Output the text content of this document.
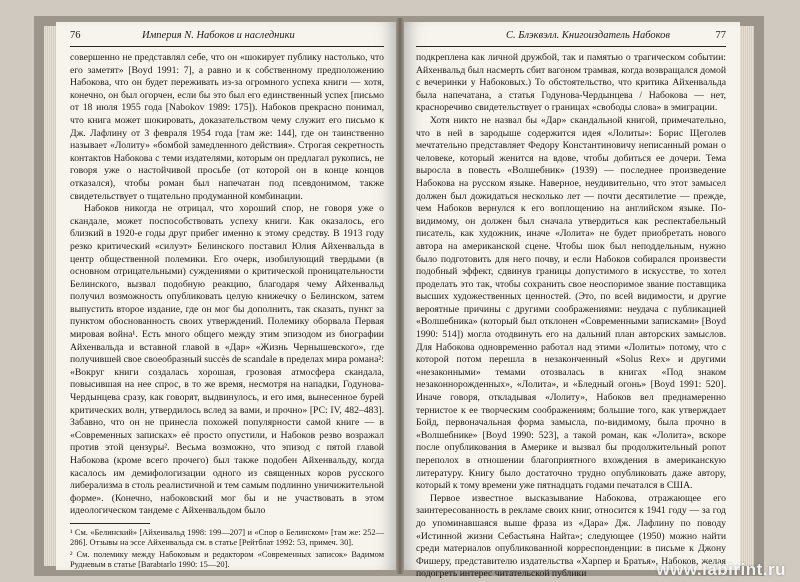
76	Империя N. Набоков и наследники

совершенно не представлял себе, что он «шокирует публику настолько, что его заметят» [Boyd 1991: 7], а равно и к собственному предположению Набокова, что он будет переживать из-за огромного успеха книги — хотя, конечно, он был огорчен, если бы это был его единственный успех [письмо от 18 июля 1955 года [Nabokov 1989: 175]). Набоков прекрасно понимал, что книга может шокировать, доказательством чему служит его письмо к Дж. Лафлину от 3 февраля 1954 года [там же: 144], где он таинственно называет «Лолиту» «бомбой замедленного действия». Строгая секретность контактов Набокова с теми издателями, которым он предлагал рукопись, не говоря уже о настойчивой просьбе (от которой он в конце концов отказался), чтобы роман был напечатан под псевдонимом, также свидетельствует о тщательно продуманной комбинации.

Набоков никогда не отрицал, что хороший спор, не говоря уже о скандале, может поспособствовать успеху книги. Как оказалось, его близкий в 1920-е годы друг прибег именно к этому средству. В 1913 году резко критический «силуэт» Белинского поставил Юлия Айхенвальда в центр общественной полемики. Его очерк, изобилующий твердыми (в основном отрицательными) суждениями о критической проницательности Белинского, вызвал подобную реакцию, благодаря чему Айхенвальд получил возможность опубликовать целую книжечку о Белинском, затем выпустить второе издание, где он мог бы дополнить, так сказать, пункт за пунктом обоснованность своих утверждений. Полемику оборвала Первая мировая война¹. Есть много общего между этим эпизодом из биографии Айхенвальда и вставной главой в «Дар» «Жизнь Чернышевского», где получившей свое своеобразный succès de scandale в пределах мира романа²: «Вокруг книги создалась хорошая, грозовая атмосфера скандала, повысившая на нее спрос, в то же время, несмотря на нападки, Годунова-Чердынцева сразу, как говорят, выдвинулось, и его имя, вынесенное бурей критических волн, утвердилось вслед за вами, и прочно» [РС: IV, 482–483]. Забавно, что он не принесла похожей популярности самой книге — в «Современных записках» её просто опустили, и Набоков резво возражал против этой цензуры². Весьма возможно, что эпизод с пятой главой Набокова (кроме всего прочего) был также подобен Айхенвальду, когда касалось им демифологизации одного из священных коров русского либерализма в столь реалистичной и тем самым подлинно уничижительной форме». (Конечно, набоковский мог бы и не участвовать в этом идеологическом тандеме с Айхенвальдом было

¹ См. «Белинский» [Айхенвальд 1998: 199—207] и «Спор о Белинском» [там же: 252—286]. Отзывы на эссе Айхенвальда см. в статье [Рейтблат 1992: 53, примеч. 30].

² См. полемику между Набоковым и редактором «Современных записок» Вадимом Рудневым в статье [Barabtarlo 1990: 15—20].

С. Блэквэлл. Книгоиздатель Набоков	77

подкреплена как личной дружбой, так и памятью о трагическом событии: Айхенвальд был насмерть сбит вагоном трамвая, когда возвращался домой с вечеринки у Набоковых.) То обстоятельство, что критика Айхенвальда была напечатана, а статья Годунова-Чердынцева / Набокова — нет, красноречиво свидетельствует о границах «свободы слова» в эмиграции.

Хотя никто не назвал бы «Дар» скандальной книгой, примечательно, что в ней в зародыше содержится идея «Лолиты»: Борис Щеголев мечтательно представляет Федору Константиновичу неписанный роман о человеке, который женится на вдове, чтобы добиться ее дочери. Тема выросла в повесть «Волшебник» (1939) — последнее произведение Набокова на русском языке. Наверное, неудивительно, что этот замысел должен был дожидаться несколько лет — почти десятилетие — прежде, чем Набоков вернулся к его воплощению на английском языке. По-видимому, он должен был сначала утвердиться как респектабельный писатель, как художник, иначе «Лолита» не будет приобретать нового автора на американской сцене. Чтобы шок был неподдельным, нужно было подготовить для него почву, и если Набоков собирался произвести подобный эффект, сдвинув границы допустимого в искусстве, то хотел проделать это так, чтобы сохранить свое неоспоримое звание поставщика высших художественных ценностей. (Это, по всей видимости, и другие вероятные причины с другими соображениями: неудача с публикацией «Волшебника» (который был отклонен «Современными записками» [Boyd 1990: 514]) могла отодвинуть его на дальний план авторских замыслов. Для Набокова одновременно работал над этими «Лолиты» потому, что с которой потом перешла в незаконченный «Solus Rex» и другими «незаконными» темами отозвалась в книгах «Под знаком незаконнорожденных», «Лолита», и «Бледный огонь» [Boyd 1991: 520]. Иначе говоря, откладывая «Лолиту», Набоков вел преднамеренно тернистое к ее творческим соображениям; большие того, как утверждает Бойд, первоначальная форма замысла, по-видимому, была прочно в «Волшебнике» [Boyd 1990: 523], а такой роман, как «Лолита», вскоре после опубликования в Америке и вызвал бы продолжительный ропот переполох в отношении благоприятного вхождения в американскую литературу. Книгу было достаточно трудно опубликовать даже автору, который к тому времени уже пятнадцать годами печатался в США.

Первое известное высказывание Набокова, отражающее его заинтересованность в рекламе своих книг, относится к 1941 году — за год до упоминавшаяся выше фраза из «Дара» Дж. Лафлину по поводу «Истинной жизни Себастьяна Найта»; следующее (1950) можно найти среди материалов опубликованной корреспонденции: в письме к Джону Фишеру, представителю издательства «Харпер и Братья», Набоков, желая подогреть интерес читательской публики	www.labirint.ru
